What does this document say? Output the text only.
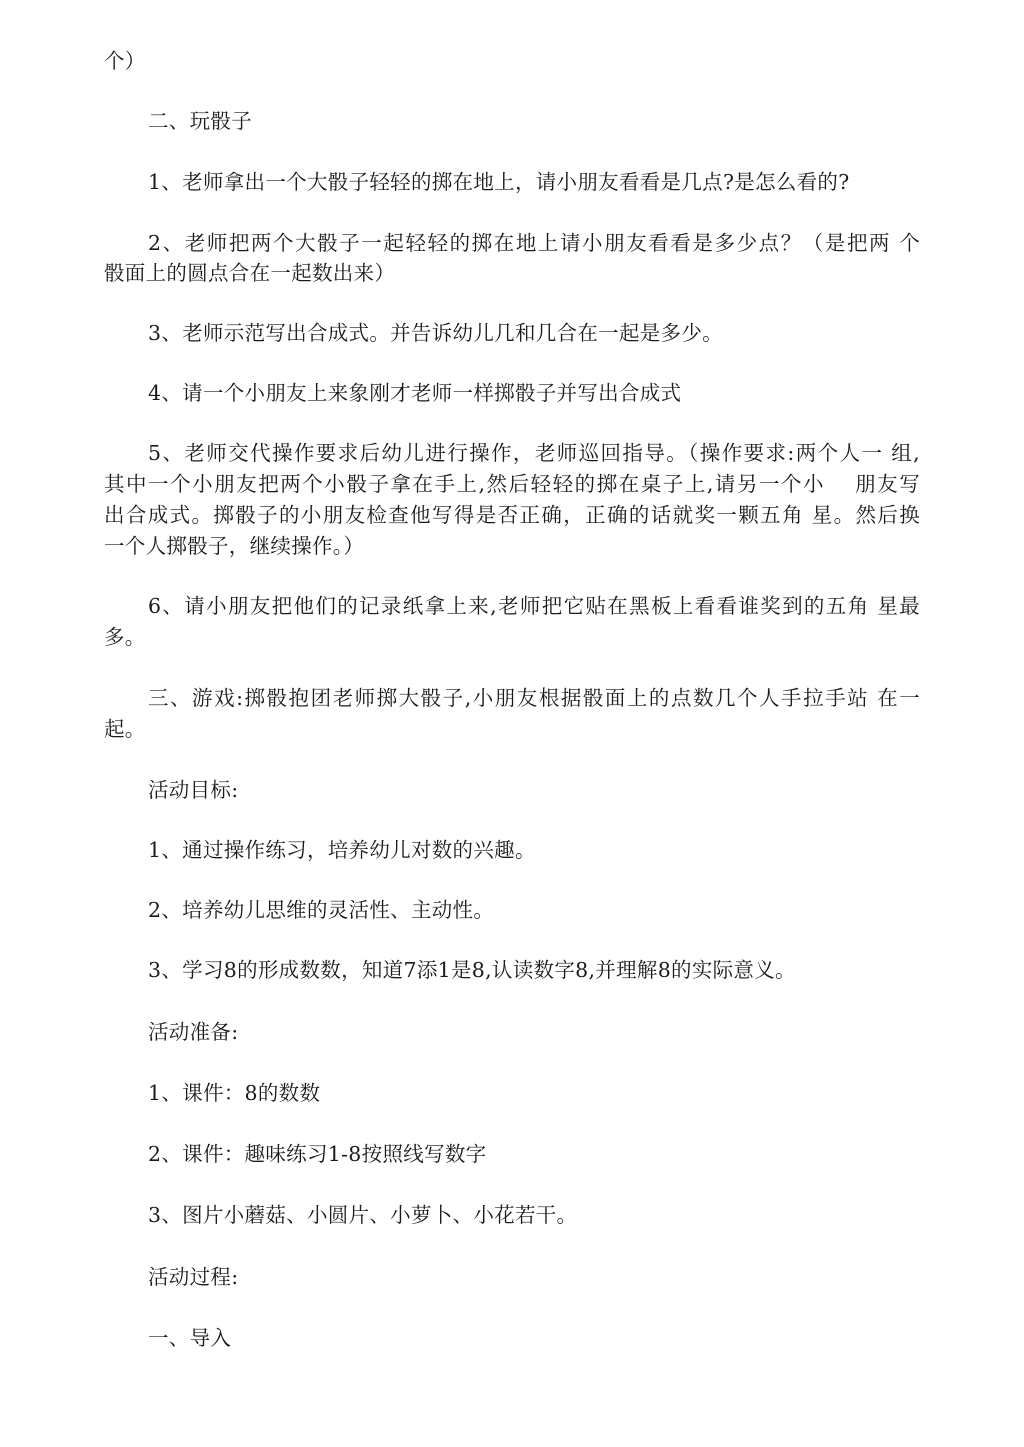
个）
二、玩骰子
1、老师拿出一个大骰子轻轻的掷在地上，请小朋友看看是几点?是怎么看的?
2、老师把两个大骰子一起轻轻的掷在地上请小朋友看看是多少点？（是把两 个
骰面上的圆点合在一起数出来）
3、老师示范写出合成式。并告诉幼儿几和几合在一起是多少。
4、请一个小朋友上来象刚才老师一样掷骰子并写出合成式
5、老师交代操作要求后幼儿进行操作，老师巡回指导。（操作要求:两个人一 组,
其中一个小朋友把两个小骰子拿在手上,然后轻轻的掷在桌子上,请另一个小　 朋友写
出合成式。掷骰子的小朋友检查他写得是否正确，正确的话就奖一颗五角 星。然后换
一个人掷骰子，继续操作。）
6、请小朋友把他们的记录纸拿上来,老师把它贴在黑板上看看谁奖到的五角 星最
多。
三、游戏:掷骰抱团老师掷大骰子,小朋友根据骰面上的点数几个人手拉手站 在一
起。
活动目标:
1、通过操作练习，培养幼儿对数的兴趣。
2、培养幼儿思维的灵活性、主动性。
3、学习8的形成数数，知道7添1是8,认读数字8,并理解8的实际意义。
活动准备:
1、课件：8的数数
2、课件：趣味练习1-8按照线写数字
3、图片小蘑菇、小圆片、小萝卜、小花若干。
活动过程:
一、导入
